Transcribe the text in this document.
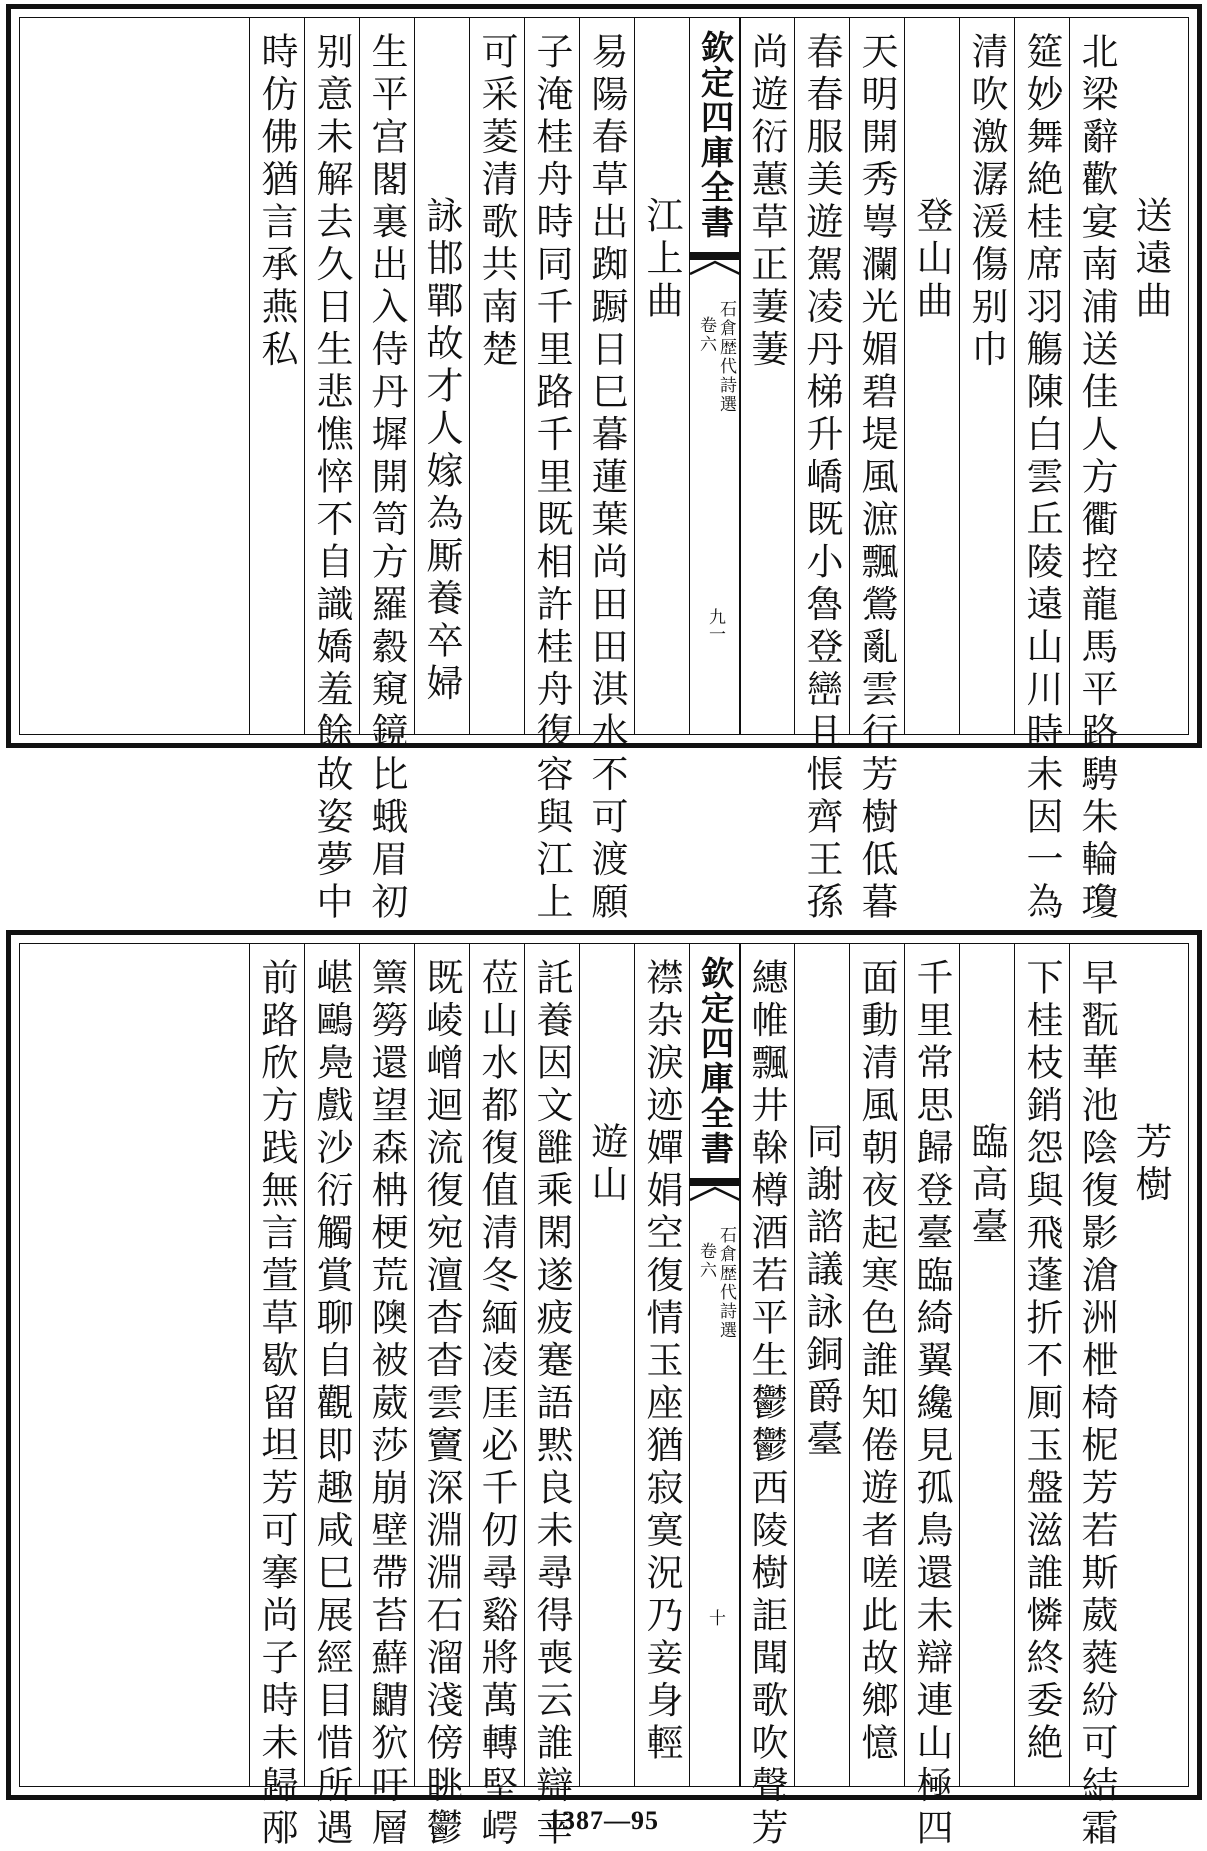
送遠曲
北梁辭歡宴南浦送佳人方衢控龍馬平路騁朱輪瓊
筵妙舞絶桂席羽觴陳白雲丘陵遠山川時未因一為
清吹激潺湲傷别巾
登山曲
天明開秀㟧瀾光媚碧堤風㵂飄鶯亂雲行芳樹低暮
春春服美遊駕凌丹梯升嶠既小魯登巒且悵齊王孫
尚遊衍蕙草正萋萋
欽定四庫全書
石倉歴代詩選
卷六
九一
江上曲
易陽春草出踟蹰日巳暮蓮葉尚田田淇水不可渡願
子淹桂舟時同千里路千里既相許桂舟復容與江上
可采菱清歌共南楚
詠邯鄲故才人嫁為厮養卒婦
生平宫閣裏出入侍丹墀開笥方羅縠窺鏡比蛾眉初
别意未解去久日生悲憔悴不自識嬌羞餘故姿夢中
時仿佛猶言承燕私
芳樹
早翫華池陰復影滄洲枻椅柅芳若斯葳蕤紛可結霜
下桂枝銷怨與飛蓬折不厠玉盤滋誰憐終委絶
臨高臺
千里常思歸登臺臨綺翼纔見孤鳥還未辯連山極四
面動清風朝夜起寒色誰知倦遊者嗟此故鄉憶
同謝諮議詠銅爵臺
繐帷飄井榦樽酒若平生鬱鬱西陵樹詎聞歌吹聲芳
欽定四庫全書
石倉歴代詩選
卷六
十
襟杂淚迹嬋娟空復情玉座猶寂寞況乃妾身輕
遊山
託養因文雝乘閑遂疲蹇語黙良未尋得喪云誰辯幸
莅山水都復值清冬緬凌厓必千仞尋谿將萬轉堅崿
既崚嶒迴流復宛澶杳杳雲竇深淵淵石溜淺傍眺鬱
篻簩還望森柟梗荒隩被葳莎崩壁帶苔蘚䶇狖吁層
嵁鷗鳧戲沙衍觸賞聊自觀即趣咸巳展經目惜所遇
前路欣方践無言萱草歇留坦芳可搴尚子時未歸邴	1387—95
